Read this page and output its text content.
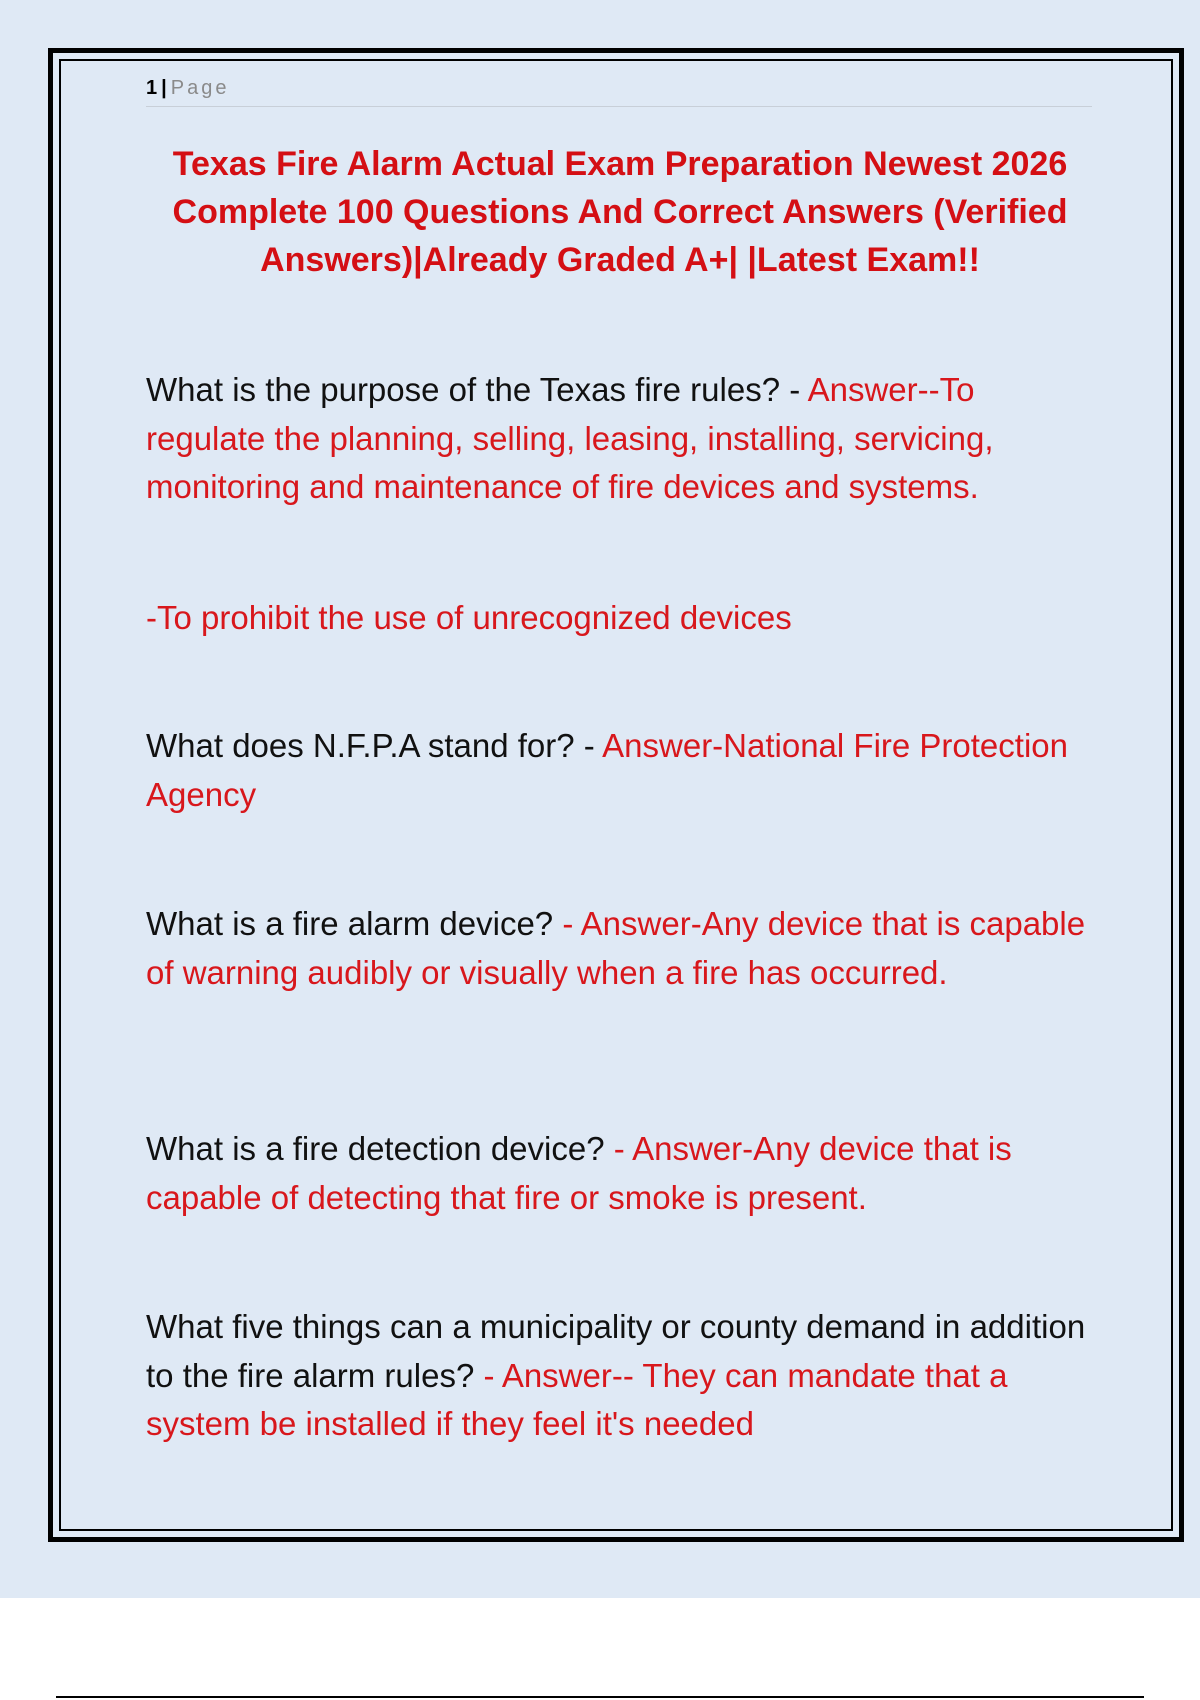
1 | Page
Texas Fire Alarm Actual Exam Preparation Newest 2026 Complete 100 Questions And Correct Answers (Verified Answers)|Already Graded A+| |Latest Exam!!

What is the purpose of the Texas fire rules? - Answer--To regulate the planning, selling, leasing, installing, servicing, monitoring and maintenance of fire devices and systems.

-To prohibit the use of unrecognized devices

What does N.F.P.A stand for? - Answer-National Fire Protection Agency

What is a fire alarm device? - Answer-Any device that is capable of warning audibly or visually when a fire has occurred.

What is a fire detection device? - Answer-Any device that is capable of detecting that fire or smoke is present.

What five things can a municipality or county demand in addition to the fire alarm rules? - Answer-- They can mandate that a system be installed if they feel it's needed
